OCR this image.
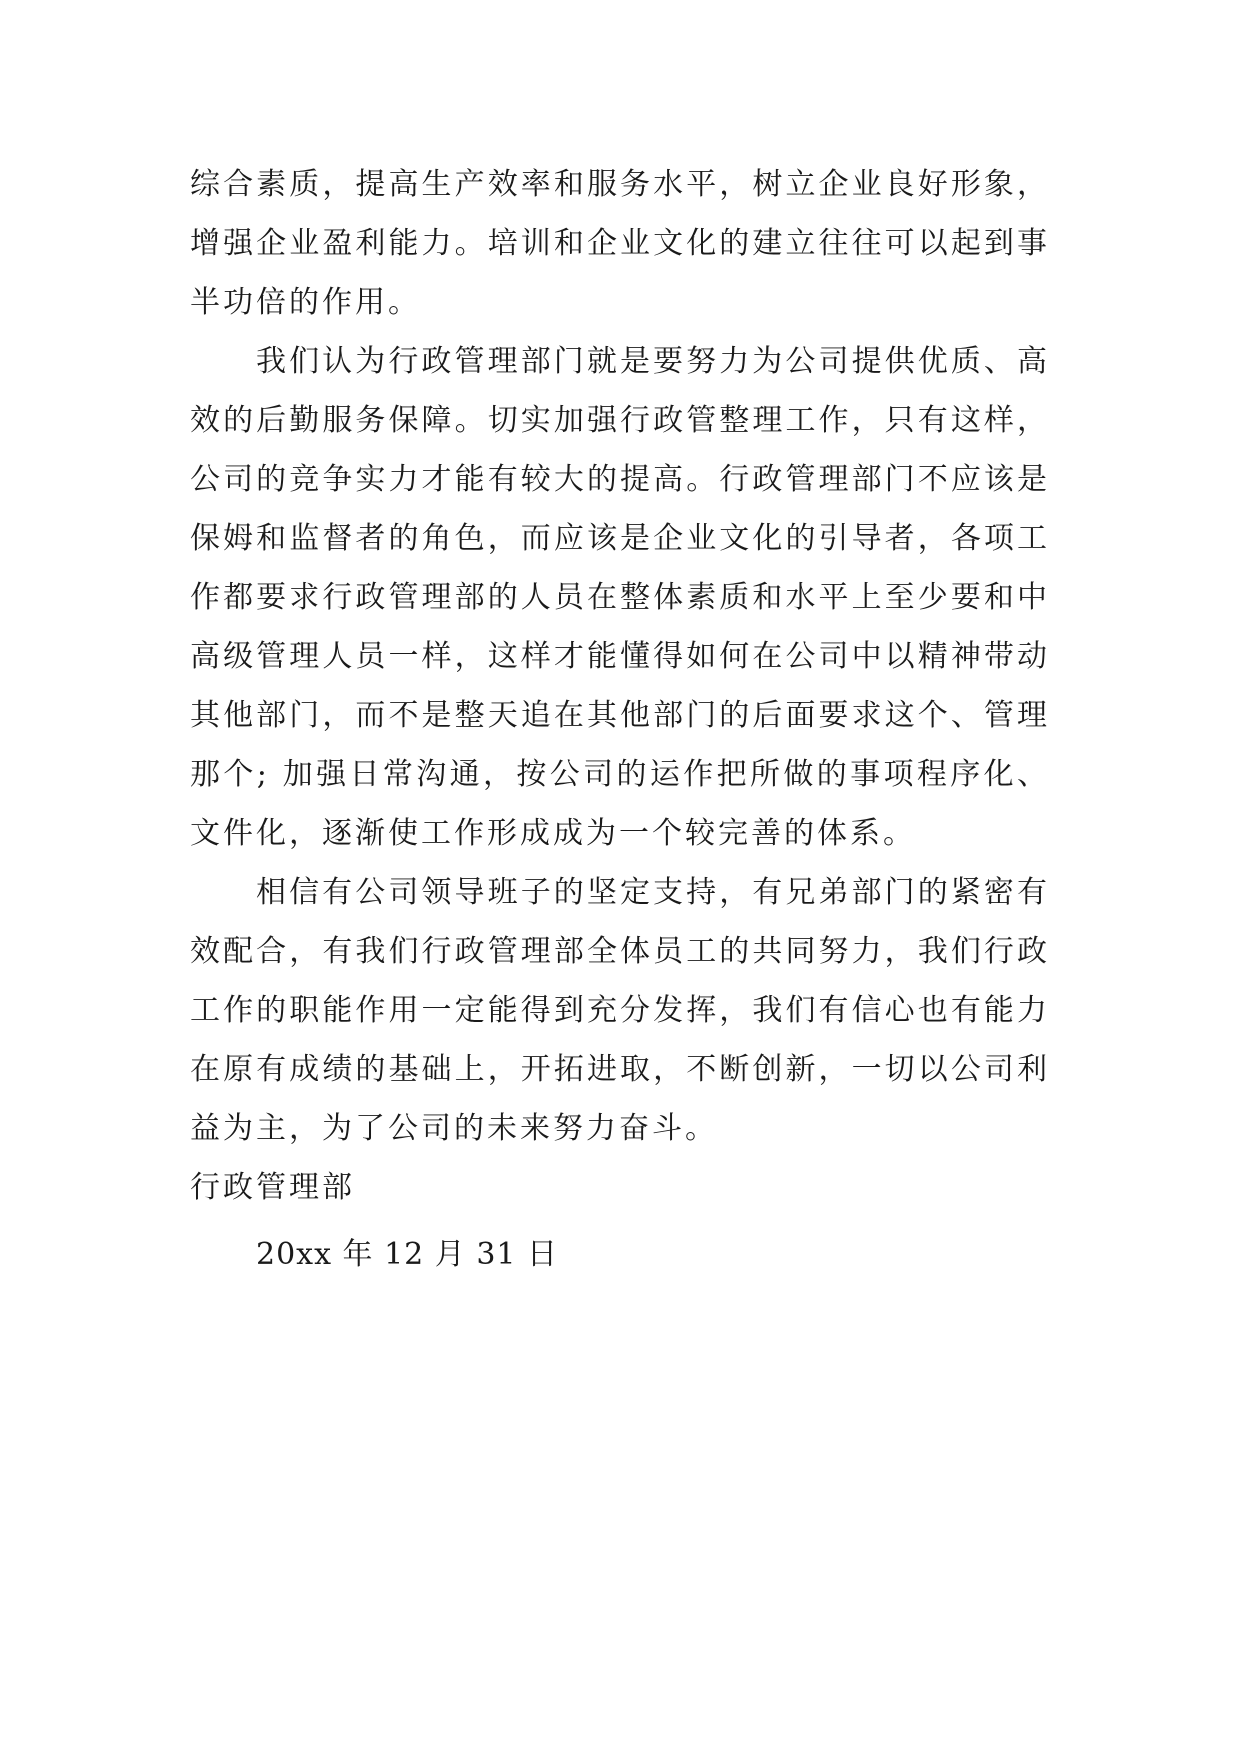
综合素质，提高生产效率和服务水平，树立企业良好形象，增强企业盈利能力。培训和企业文化的建立往往可以起到事半功倍的作用。

我们认为行政管理部门就是要努力为公司提供优质、高效的后勤服务保障。切实加强行政管整理工作，只有这样，公司的竞争实力才能有较大的提高。行政管理部门不应该是保姆和监督者的角色，而应该是企业文化的引导者，各项工作都要求行政管理部的人员在整体素质和水平上至少要和中高级管理人员一样，这样才能懂得如何在公司中以精神带动其他部门，而不是整天追在其他部门的后面要求这个、管理那个; 加强日常沟通，按公司的运作把所做的事项程序化、文件化，逐渐使工作形成成为一个较完善的体系。

相信有公司领导班子的坚定支持，有兄弟部门的紧密有效配合，有我们行政管理部全体员工的共同努力，我们行政工作的职能作用一定能得到充分发挥，我们有信心也有能力在原有成绩的基础上，开拓进取，不断创新，一切以公司利益为主，为了公司的未来努力奋斗。

行政管理部

20xx 年 12 月 31 日
